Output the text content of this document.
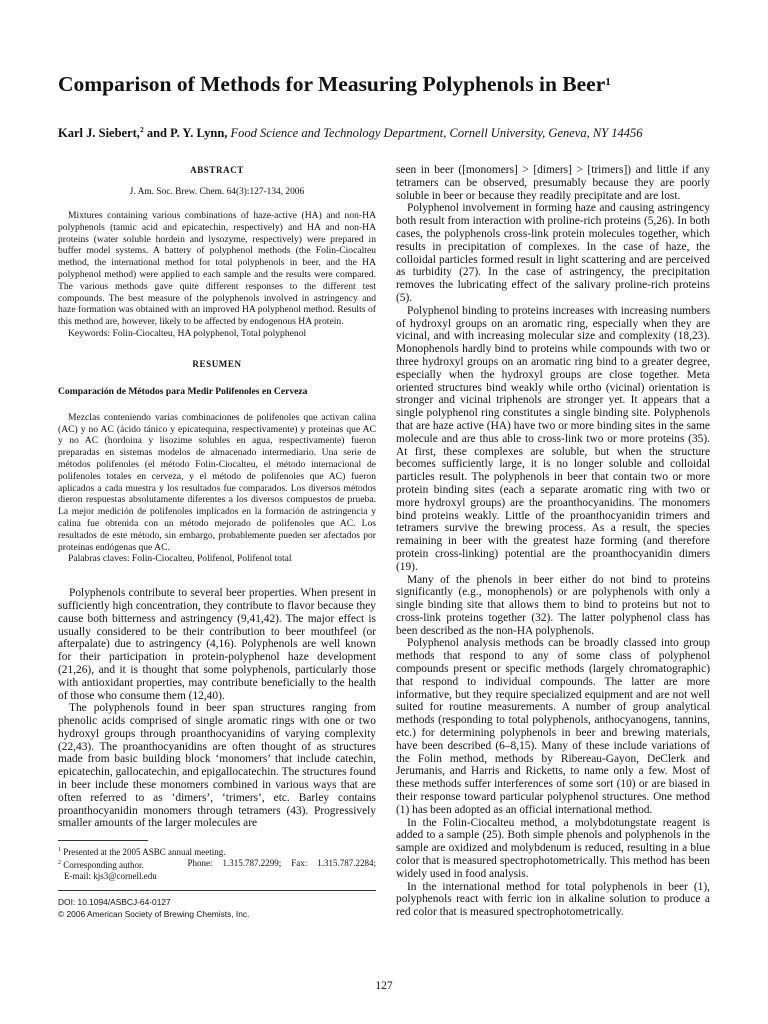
Comparison of Methods for Measuring Polyphenols in Beer$^1$
Karl J. Siebert,$^2$ and P. Y. Lynn, Food Science and Technology Department, Cornell University, Geneva, NY 14456

ABSTRACT

J. Am. Soc. Brew. Chem. 64(3):127-134, 2006

Mixtures containing various combinations of haze-active (HA) and non-HA polyphenols (tannic acid and epicatechin, respectively) and HA and non-HA proteins (water soluble hordein and lysozyme, respectively) were prepared in buffer model systems. A battery of polyphenol methods (the Folin-Ciocalteu method, the international method for total polyphenols in beer, and the HA polyphenol method) were applied to each sample and the results were compared. The various methods gave quite different responses to the different test compounds. The best measure of the polyphenols involved in astringency and haze formation was obtained with an improved HA polyphenol method. Results of this method are, however, likely to be affected by endogenous HA protein.

Keywords: Folin-Ciocalteu, HA polyphenol, Total polyphenol

RESUMEN

Comparación de Métodos para Medir Polifenoles en Cerveza

Mezclas conteniendo varias combinaciones de polifenoles que activan calina (AC) y no AC (ácido tánico y epicatequina, respectivamente) y proteínas que AC y no AC (hordoina y lisozime solubles en agua, respectivamente) fueron preparadas en sistemas modelos de almacenado intermediario. Una serie de métodos polifenoles (el método Folin-Ciocalteu, el método internacional de polifenoles totales en cerveza, y el método de polifenoles que AC) fueron aplicados a cada muestra y los resultados fue comparados. Los diversos métodos dieron respuestas absolutamente diferentes a los diversos compuestos de prueba. La mejor medición de polifenoles implicados en la formación de astringencia y calina fue obtenida con un método mejorado de polifenoles que AC. Los resultados de este método, sin embargo, probablemente pueden ser afectados por proteínas endógenas que AC.

Palabras claves: Folin-Ciocalteu, Polifenol, Polifenol total

Polyphenols contribute to several beer properties. When present in sufficiently high concentration, they contribute to flavor because they cause both bitterness and astringency (9,41,42). The major effect is usually considered to be their contribution to beer mouthfeel (or afterpalate) due to astringency (4,16). Polyphenols are well known for their participation in protein-polyphenol haze development (21,26), and it is thought that some polyphenols, particularly those with antioxidant properties, may contribute beneficially to the health of those who consume them (12,40).

The polyphenols found in beer span structures ranging from phenolic acids comprised of single aromatic rings with one or two hydroxyl groups through proanthocyanidins of varying complexity (22,43). The proanthocyanidins are often thought of as structures made from basic building block ‘monomers’ that include catechin, epicatechin, gallocatechin, and epigallocatechin. The structures found in beer include these monomers combined in various ways that are often referred to as ‘dimers’, ‘trimers’, etc. Barley contains proanthocyanidin monomers through tetramers (43). Progressively smaller amounts of the larger molecules are

$^1$ Presented at the 2005 ASBC annual meeting.

$^2$ Corresponding author.	Phone: 1.315.787.2299; Fax: 1.315.787.2284;

E-mail: kjs3@cornell.edu

DOI: 10.1094/ASBCJ-64-0127

© 2006 American Society of Brewing Chemists, Inc.

seen in beer ([monomers] > [dimers] > [trimers]) and little if any tetramers can be observed, presumably because they are poorly soluble in beer or because they readily precipitate and are lost.

Polyphenol involvement in forming haze and causing astringency both result from interaction with proline-rich proteins (5,26). In both cases, the polyphenols cross-link protein molecules together, which results in precipitation of complexes. In the case of haze, the colloidal particles formed result in light scattering and are perceived as turbidity (27). In the case of astringency, the precipitation removes the lubricating effect of the salivary proline-rich proteins (5).

Polyphenol binding to proteins increases with increasing numbers of hydroxyl groups on an aromatic ring, especially when they are vicinal, and with increasing molecular size and complexity (18,23). Monophenols hardly bind to proteins while compounds with two or three hydroxyl groups on an aromatic ring bind to a greater degree, especially when the hydroxyl groups are close together. Meta oriented structures bind weakly while ortho (vicinal) orientation is stronger and vicinal triphenols are stronger yet. It appears that a single polyphenol ring constitutes a single binding site. Polyphenols that are haze active (HA) have two or more binding sites in the same molecule and are thus able to cross-link two or more proteins (35). At first, these complexes are soluble, but when the structure becomes sufficiently large, it is no longer soluble and colloidal particles result. The polyphenols in beer that contain two or more protein binding sites (each a separate aromatic ring with two or more hydroxyl groups) are the proanthocyanidins. The monomers bind proteins weakly. Little of the proanthocyanidin trimers and tetramers survive the brewing process. As a result, the species remaining in beer with the greatest haze forming (and therefore protein cross-linking) potential are the proanthocyanidin dimers (19).

Many of the phenols in beer either do not bind to proteins significantly (e.g., monophenols) or are polyphenols with only a single binding site that allows them to bind to proteins but not to cross-link proteins together (32). The latter polyphenol class has been described as the non-HA polyphenols.

Polyphenol analysis methods can be broadly classed into group methods that respond to any of some class of polyphenol compounds present or specific methods (largely chromatographic) that respond to individual compounds. The latter are more informative, but they require specialized equipment and are not well suited for routine measurements. A number of group analytical methods (responding to total polyphenols, anthocyanogens, tannins, etc.) for determining polyphenols in beer and brewing materials, have been described (6–8,15). Many of these include variations of the Folin method, methods by Ribereau-Gayon, DeClerk and Jerumanis, and Harris and Ricketts, to name only a few. Most of these methods suffer interferences of some sort (10) or are biased in their response toward particular polyphenol structures. One method (1) has been adopted as an official international method.

In the Folin-Ciocalteu method, a molybdotungstate reagent is added to a sample (25). Both simple phenols and polyphenols in the sample are oxidized and molybdenum is reduced, resulting in a blue color that is measured spectrophotometrically. This method has been widely used in food analysis.

In the international method for total polyphenols in beer (1), polyphenols react with ferric ion in alkaline solution to produce a red color that is measured spectrophotometrically.

127
